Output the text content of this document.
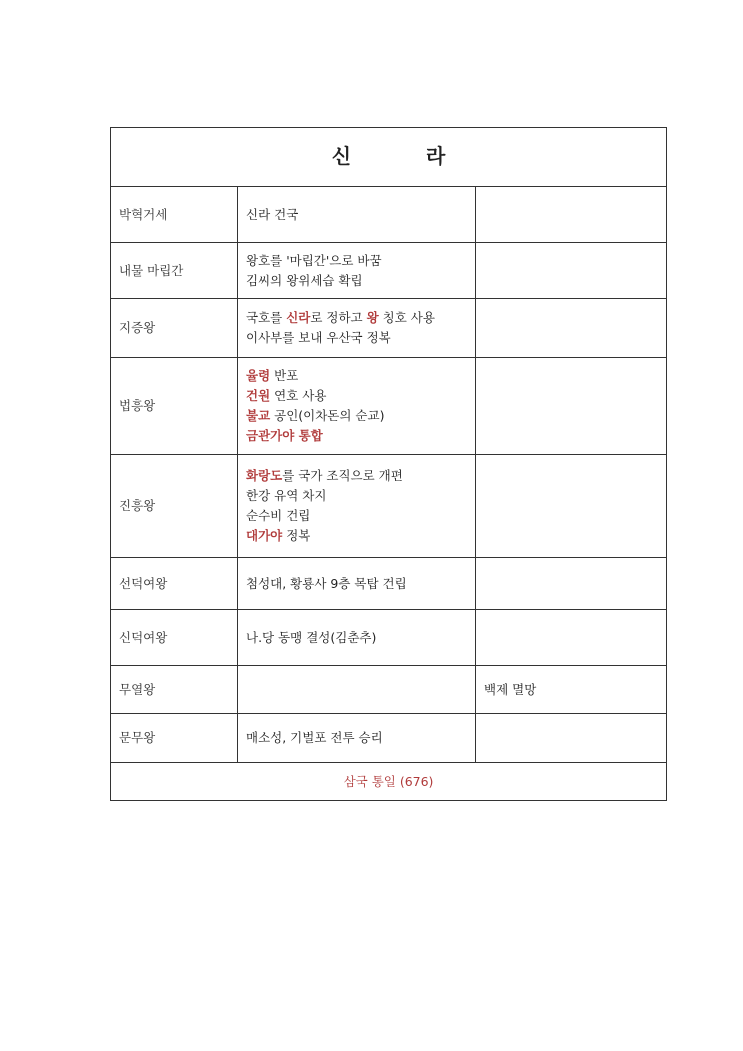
신 라		
박혁거세	신라 건국	

내물 마립간	왕호를 '마립간'으로 바꿈
김씨의 왕위세습 확립	

지증왕	국호를 신라로 정하고 왕 칭호 사용
이사부를 보내 우산국 정복	

법흥왕	율령 반포
건원 연호 사용
불교 공인(이차돈의 순교)
금관가야 통합	

진흥왕	화랑도를 국가 조직으로 개편
한강 유역 차지
순수비 건립
대가야 정복	

선덕여왕	첨성대, 황룡사 9층 목탑 건립	

신덕여왕	나.당 동맹 결성(김춘추)	

무열왕		백제 멸망
문무왕	매소성, 기벌포 전투 승리	

삼국 통일 (676)		
